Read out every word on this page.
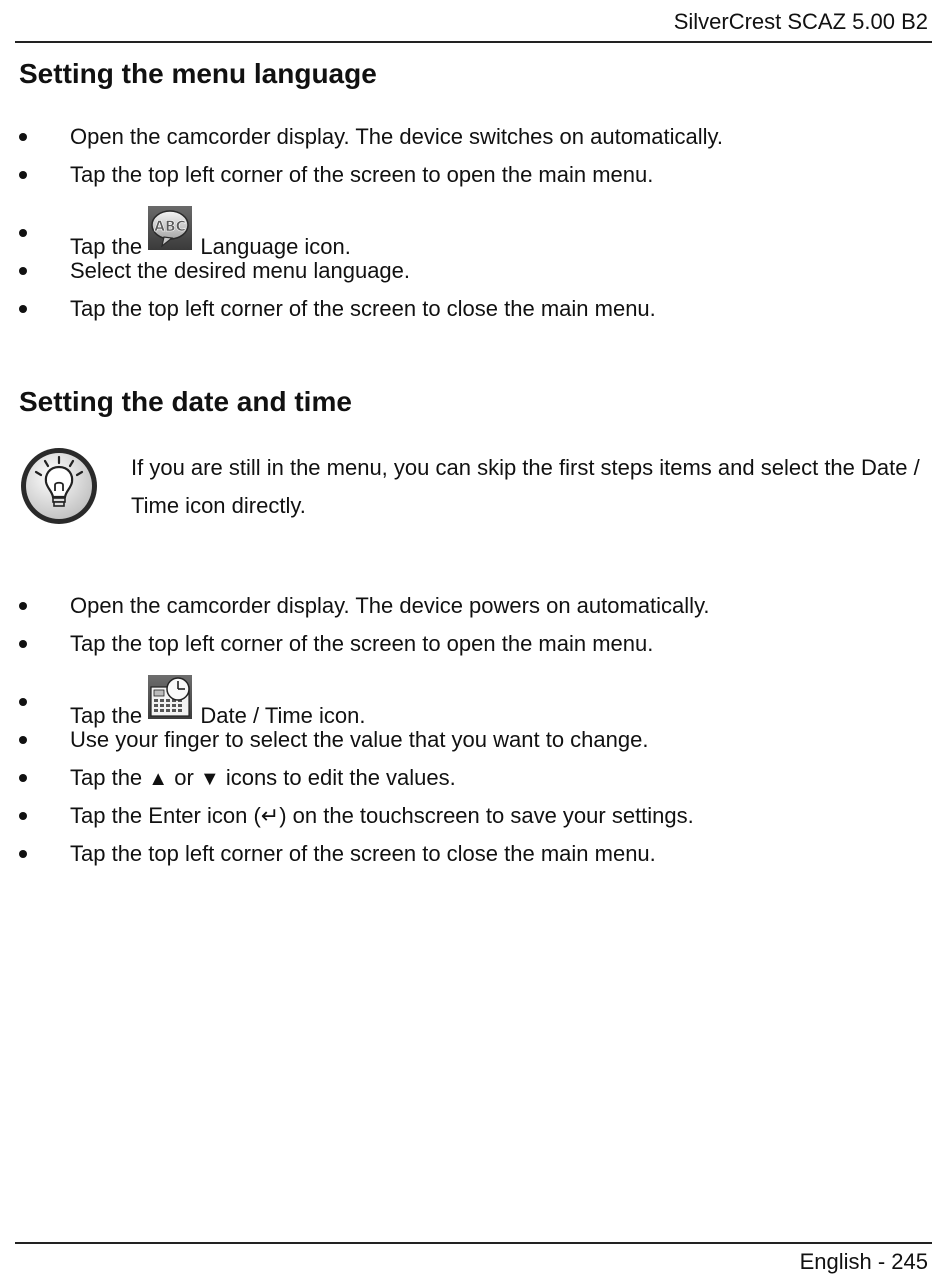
SilverCrest SCAZ 5.00 B2
Setting the menu language
Open the camcorder display. The device switches on automatically.
Tap the top left corner of the screen to open the main menu.
Tap the
ABC
Language icon.
Select the desired menu language.
Tap the top left corner of the screen to close the main menu.
Setting the date and time
If you are still in the menu, you can skip the first steps items and select the Date / Time icon directly.
Open the camcorder display. The device powers on automatically.
Tap the top left corner of the screen to open the main menu.
Tap the	Date / Time icon.
Use your finger to select the value that you want to change.
Tap the ▲ or ▼ icons to edit the values.
Tap the Enter icon (↵) on the touchscreen to save your settings.
Tap the top left corner of the screen to close the main menu.
English - 245
